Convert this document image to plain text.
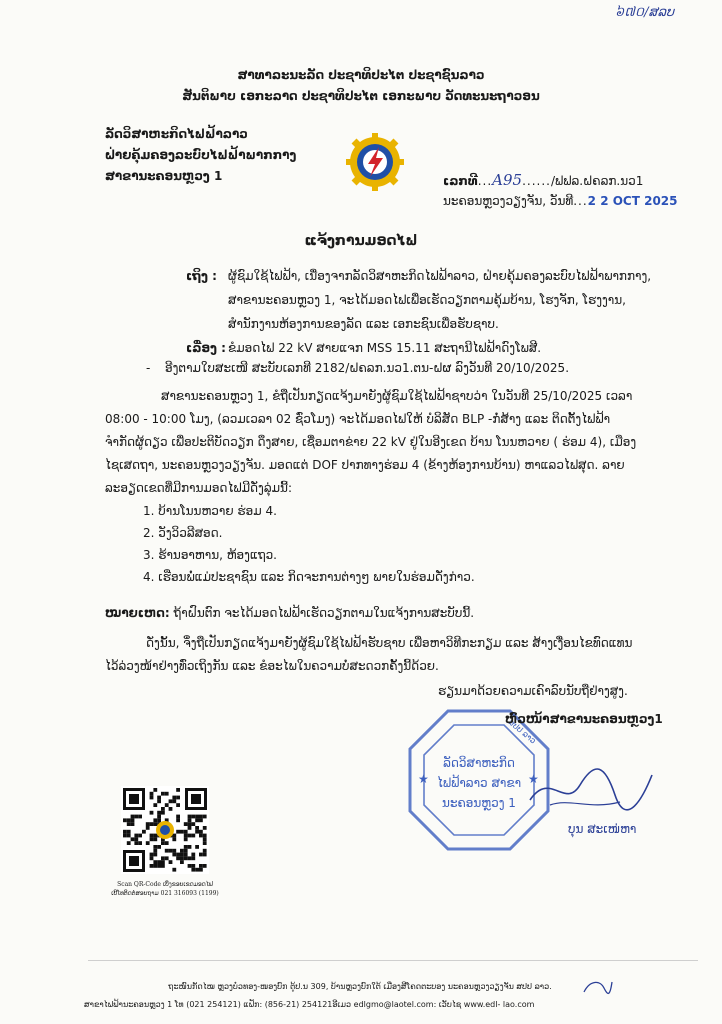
៦៧០/ສລບ
ສາທາລະນະລັດ ປະຊາທິປະໄຕ ປະຊາຊົນລາວ
ສັນຕິພາບ ເອກະລາດ ປະຊາທິປະໄຕ ເອກະພາບ ວັດທະນະຖາວອນ
ລັດວິສາຫະກິດໄຟຟ້າລາວ
ຝ່າຍຄຸ້ມຄອງລະບົບໄຟຟ້າພາກກາງ
ສາຂານະຄອນຫຼວງ 1	ເລກທີ...A95....../ຟຟລ.ຝຄລກ.ນວ1
ນະຄອນຫຼວງວຽງຈັນ, ວັນທີ...2 2 OCT 2025
ແຈ້ງການມອດໄຟ
ເຖິງ : ຜູ້ຊົມໃຊ້ໄຟຟ້າ, ເນື່ອງຈາກລັດວິສາຫະກິດໄຟຟ້າລາວ, ຝ່າຍຄຸ້ມຄອງລະບົບໄຟຟ້າພາກກາງ,
ສາຂານະຄອນຫຼວງ 1, ຈະໄດ້ມອດໄຟເພື່ອເຮັດວຽກຕາມຄຸ້ມບ້ານ, ໂຮງຈັກ, ໂຮງງານ,
ສຳນັກງານຫ້ອງການຂອງລັດ ແລະ ເອກະຊົນເພື່ອຮັບຊາບ.
ເລື່ອງ : ຂໍມອດໄຟ 22 kV ສາຍແຈກ MSS 15.11 ສະຖານີໄຟຟ້າດົງໂພສີ.
- ອີງຕາມໃບສະເໜີ ສະບັບເລກທີ 2182/ຝຄລກ.ນວ1.ຕນ-ຝຜ ລົງວັນທີ 20/10/2025.
ສາຂານະຄອນຫຼວງ 1, ຂໍຖືເປັນກຽດແຈ້ງມາຍັງຜູ້ຊົມໃຊ້ໄຟຟ້າຊາບວ່າ ໃນວັນທີ 25/10/2025 ເວລາ
08:00 - 10:00 ໂມງ, (ລວມເວລາ 02 ຊົ່ວໂມງ) ຈະໄດ້ມອດໄຟໃຫ້ ບໍລິສັດ BLP -ກໍ່ສ້າງ ແລະ ຕິດຕັ້ງໄຟຟ້າ
ຈຳກັດຜູ້ດຽວ ເພື່ອປະຕິບັດວຽກ ດຶງສາຍ, ເຊື່ອມຕາຂ່າຍ 22 kV ຢູ່ໃນອີງເຂດ ບ້ານ ໂນນຫວາຍ ( ຮ່ອມ 4), ເມືອງ
ໄຊເສດຖາ, ນະຄອນຫຼວງວຽງຈັນ. ມອດແຕ່ DOF ປາກທາງຮ່ອມ 4 (ຂ້າງຫ້ອງການບ້ານ) ຫາແລວໄຟສຸດ. ລາຍ
ລະອຽດເຂດທີ່ມີການມອດໄຟມີດັ່ງລຸ່ມນີ້:
1. ບ້ານໂນນຫວາຍ ຮ່ອມ 4.
2. ວັງວິວລີສອດ.
3. ຮ້ານອາຫານ, ຫ້ອງແຖວ.
4. ເຮືອນພໍ່ແມ່ປະຊາຊົນ ແລະ ກິດຈະການຕ່າງໆ ພາຍໃນຮ່ອມດັ່ງກ່າວ.
ໝາຍເຫດ: ຖ້າຝົນຕົກ ຈະໄດ້ມອດໄຟຟ້າເຮັດວຽກຕາມໃນແຈ້ງການສະບັບນີ້.
ດັ່ງນັ້ນ, ຈຶ່ງຖືເປັນກຽດແຈ້ງມາຍັງຜູ້ຊົມໃຊ້ໄຟຟ້າຮັບຊາບ ເພື່ອຫາວິທີກະກຽມ ແລະ ສ້າງເງື່ອນໄຂທົດແທນ
ໄວ້ລ່ວງໜ້າຢ່າງທົ່ວເຖິງກັນ ແລະ ຂໍອະໄພໃນຄວາມບໍ່ສະດວກຄັ້ງນີ້ດ້ວຍ.
ຮຽນມາດ້ວຍຄວາມເຄົາລົບນັບຖືຢ່າງສູງ.
ສປປ ລາວ
★	★
ລັດວິສາຫະກິດ
ໄຟຟ້າລາວ ສາຂາ
ນະຄອນຫຼວງ 1
ຫົວໜ້າສາຂານະຄອນຫຼວງ1
ບຸນ ສະເໜ່ຫາ
Scan QR-Code ເບິ່ງຂອບເຂດມອດໄຟ
ເບີໂທຕິດຕໍ່ສອບຖາມ 021 316093 (1199)
ຖະໜົນກັດໄໝ ຫຼວງບ໋ວທອງ-ໜອງບົກ ຕູ້ປ.ນ 309, ບ້ານຫຼວງບົກໃຕ້ ເມືອງສີໂຄດຕະບອງ ນະຄອນຫຼວງວຽງຈັນ ສປປ ລາວ.
ສາຂາໄຟຟ້ານະຄອນຫຼວງ 1 ໂທ (021 254121) ແຟັກ: (856-21) 254121ອີເມວ edlgmo@laotel.com: ເວັບໄຊ www.edl- lao.com
